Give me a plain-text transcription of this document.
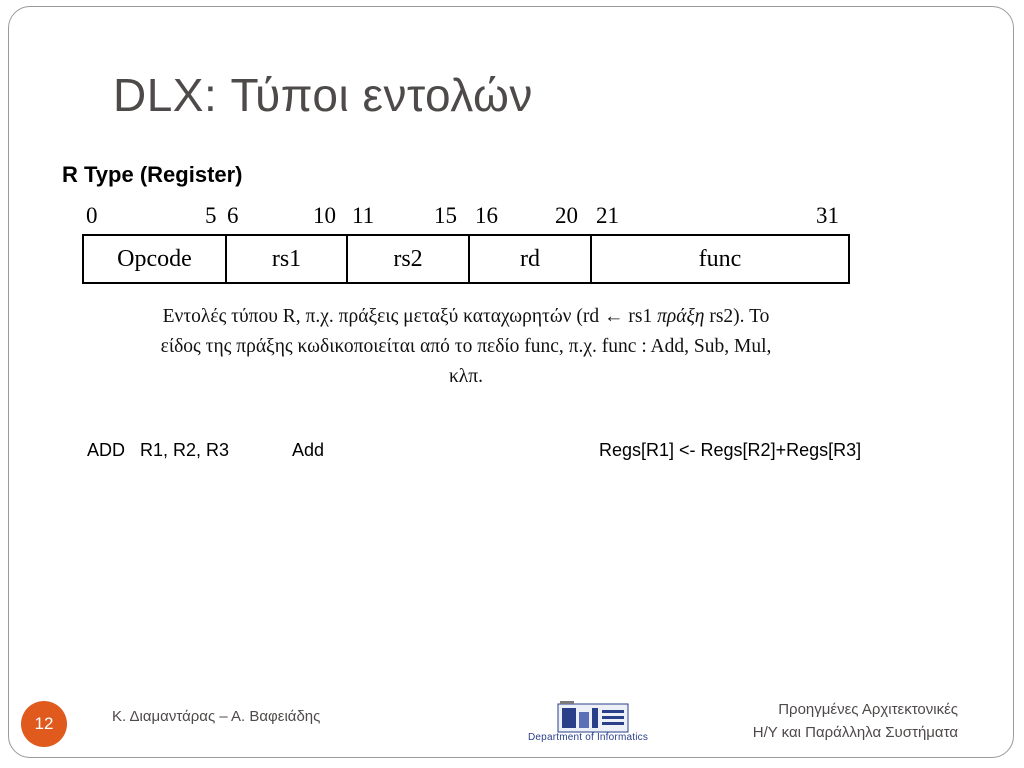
DLX: Τύποι εντολών
R Type (Register)
0	5 6	10 11	15 16 20 21	31
Opcode	rs1	rs2	rd	func
Εντολές τύπου R, π.χ. πράξεις μεταξύ καταχωρητών (rd ← rs1 πράξη rs2). Το
είδος της πράξης κωδικοποιείται από το πεδίο func, π.χ. func : Add, Sub, Mul,
κλπ.
ADD   R1, R2, R3	Add	Regs[R1] <- Regs[R2]+Regs[R3]
12	Κ. Διαμαντάρας – Α. Βαφειάδης
Department of Informatics
Προηγμένες Αρχιτεκτονικές
Η/Υ και Παράλληλα Συστήματα
